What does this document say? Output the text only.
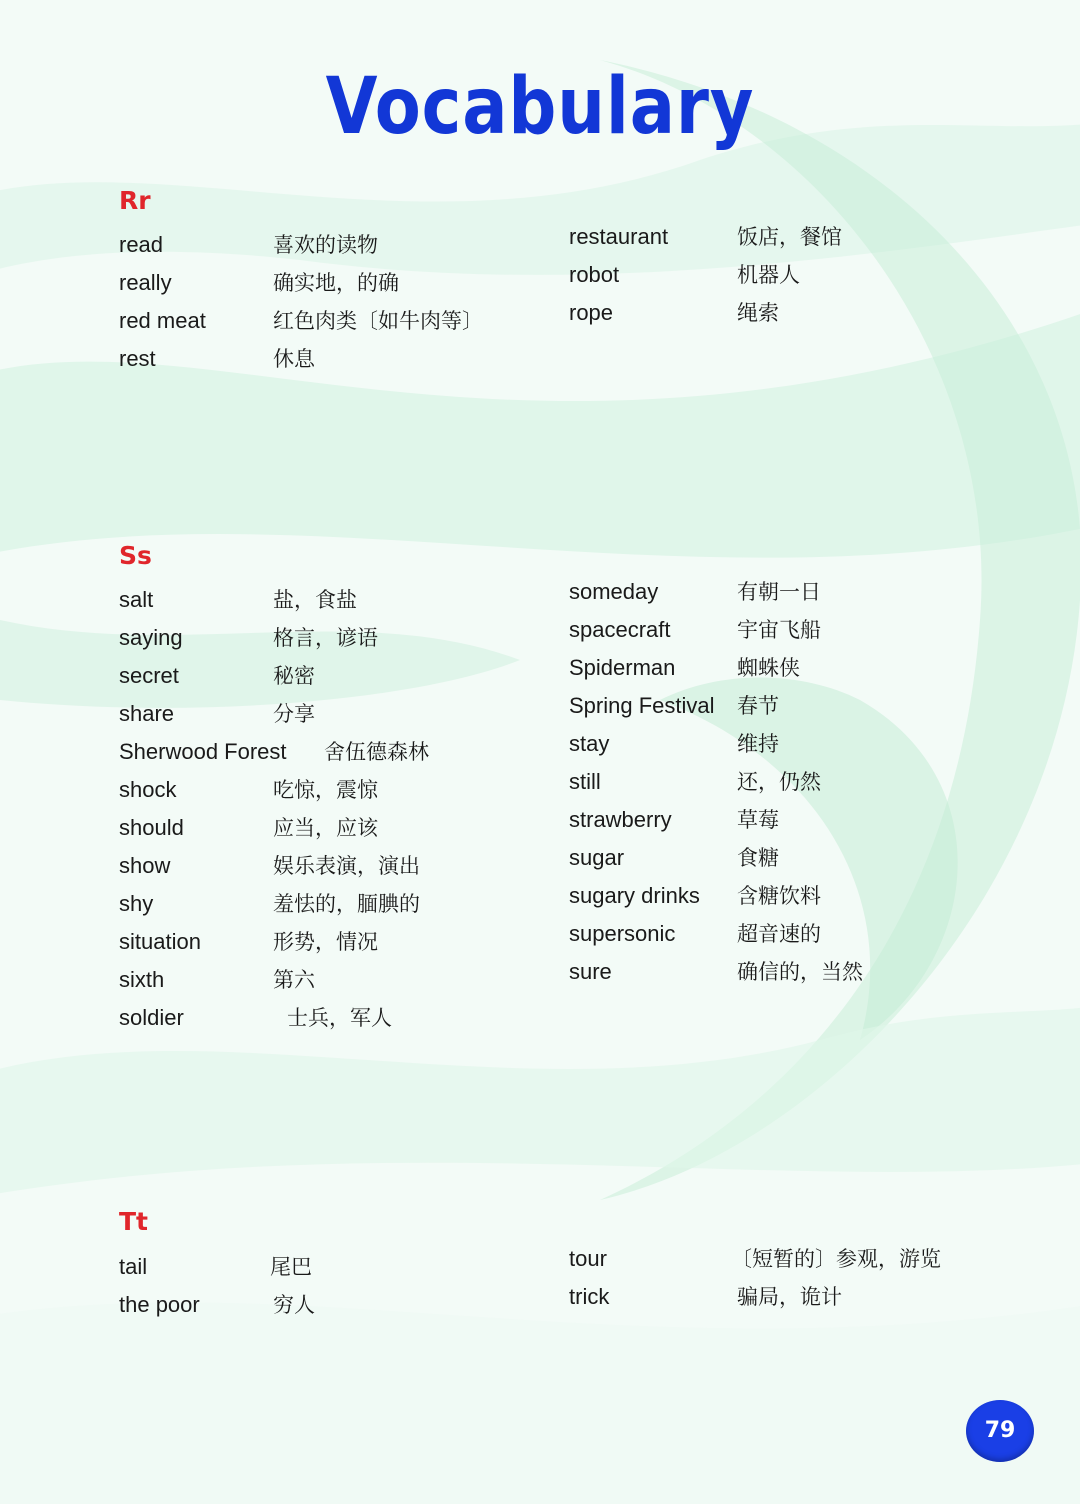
Vocabulary
Rr
read	喜欢的读物
really	确实地，的确
red meat	红色肉类〔如牛肉等〕
rest	休息
restaurant	饭店，餐馆
robot	机器人
rope	绳索
Ss
salt	盐，食盐
saying	格言，谚语
secret	秘密
share	分享
Sherwood Forest 舍伍德森林
shock	吃惊，震惊
should	应当，应该
show	娱乐表演，演出
shy	羞怯的，腼腆的
situation	形势，情况
sixth	第六
soldier	士兵，军人
someday	有朝一日
spacecraft	宇宙飞船
Spiderman	蜘蛛侠
Spring Festival 春节
stay	维持
still	还，仍然
strawberry	草莓
sugar	食糖
sugary drinks 含糖饮料
supersonic	超音速的
sure	确信的，当然
Tt
tail	尾巴
the poor	穷人
tour	〔短暂的〕参观，游览
trick	骗局，诡计
79
